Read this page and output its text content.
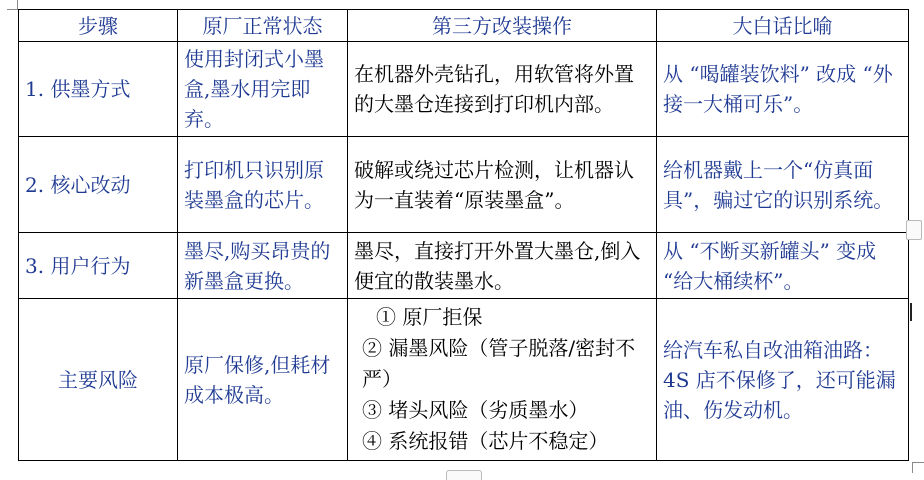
步骤	原厂正常状态	第三方改装操作	大白话比喻
1. 供墨方式	使用封闭式小墨盒,墨水用完即弃。	在机器外壳钻孔，用软管将外置的大墨仓连接到打印机内部。	从 “喝罐装饮料” 改成 “外接一大桶可乐”。
2. 核心改动	打印机只识别原装墨盒的芯片。	破解或绕过芯片检测，让机器认为一直装着“原装墨盒”。	给机器戴上一个“仿真面具”，骗过它的识别系统。
3. 用户行为	墨尽,购买昂贵的新墨盒更换。	墨尽，直接打开外置大墨仓,倒入便宜的散装墨水。	从 “不断买新罐头” 变成 “给大桶续杯”。
主要风险	原厂保修,但耗材成本极高。	① 原厂拒保
② 漏墨风险（管子脱落/密封不严）
③ 堵头风险（劣质墨水）
④ 系统报错（芯片不稳定）	给汽车私自改油箱油路：4S 店不保修了，还可能漏油、伤发动机。
